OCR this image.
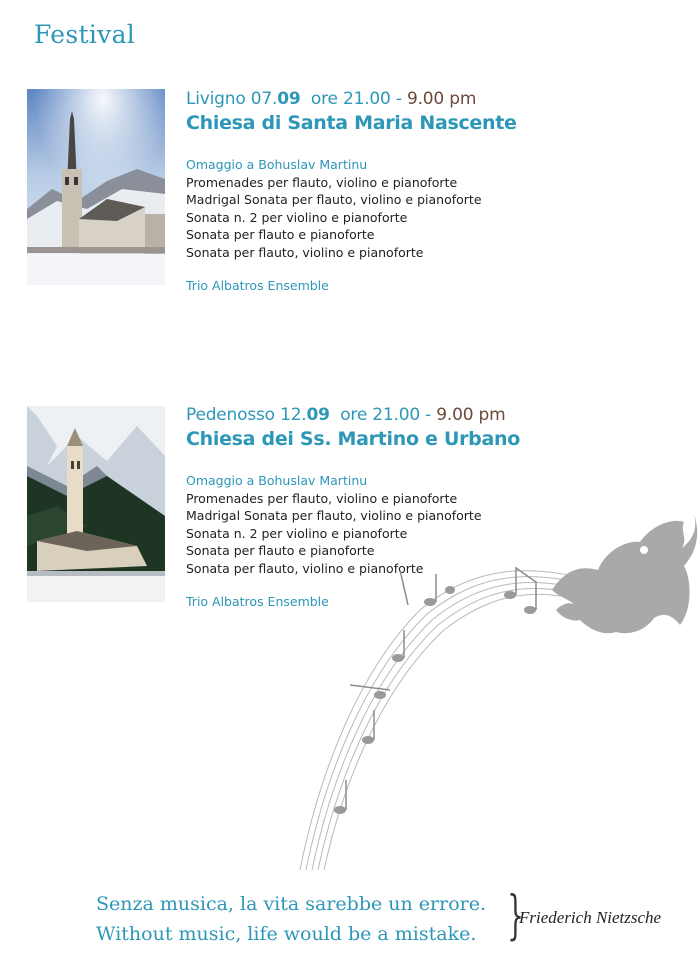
Festival
Livigno 07.09 ore 21.00 - 9.00 pm
Chiesa di Santa Maria Nascente
Omaggio a Bohuslav Martinu
Promenades per flauto, violino e pianoforte
Madrigal Sonata per flauto, violino e pianoforte
Sonata n. 2 per violino e pianoforte
Sonata per flauto e pianoforte
Sonata per flauto, violino e pianoforte
Trio Albatros Ensemble
Pedenosso 12.09 ore 21.00 - 9.00 pm
Chiesa dei Ss. Martino e Urbano
Omaggio a Bohuslav Martinu
Promenades per flauto, violino e pianoforte
Madrigal Sonata per flauto, violino e pianoforte
Sonata n. 2 per violino e pianoforte
Sonata per flauto e pianoforte
Sonata per flauto, violino e pianoforte
Trio Albatros Ensemble
Senza musica, la vita sarebbe un errore.
Without music, life would be a mistake. }
Friederich Nietzsche
